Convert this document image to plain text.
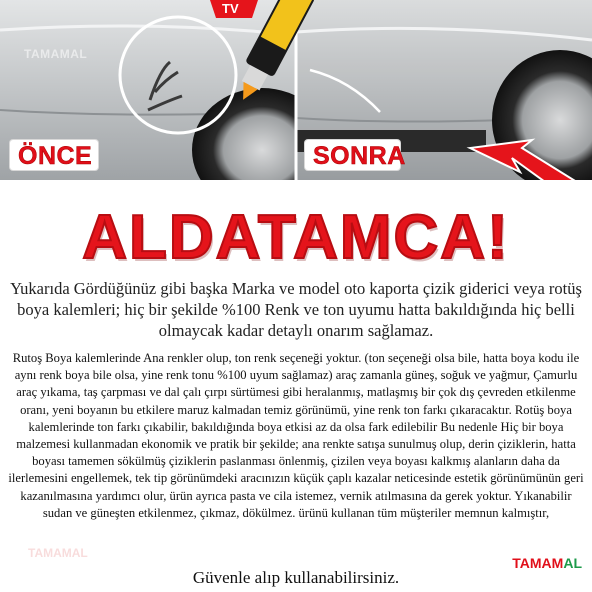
TAMAMAL
TV
ÖNCE	SONRA
ALDATAMCA!
Yukarıda Gördüğünüz gibi başka Marka ve model oto kaporta çizik giderici veya rotüş boya kalemleri; hiç bir şekilde %100 Renk ve ton uyumu hatta bakıldığında hiç belli olmaycak kadar detaylı onarım sağlamaz.
Rutoş Boya kalemlerinde Ana renkler olup, ton renk seçeneği yoktur. (ton seçeneği olsa bile, hatta boya kodu ile aynı renk boya bile olsa, yine renk tonu %100 uyum sağlamaz) araç zamanla güneş, soğuk ve yağmur, Çamurlu araç yıkama, taş çarpması ve dal çalı çırpı sürtümesi gibi heralanmış, matlaşmış bir çok dış çevreden etkilenme oranı, yeni boyanın bu etkilere maruz kalmadan temiz görünümü, yine renk ton farkı çıkaracaktır. Rotüş boya kalemlerinde ton farkı çıkabilir, bakıldığında boya etkisi az da olsa fark edilebilir Bu nedenle Hiç bir boya malzemesi kullanmadan ekonomik ve pratik bir şekilde; ana renkte satışa sunulmuş olup, derin çiziklerin, hatta boyası tamemen sökülmüş çiziklerin paslanması önlenmiş, çizilen veya boyası kalkmış alanların daha da ilerlemesini engellemek, tek tip görünümdeki aracınızın küçük çaplı kazalar neticesinde estetik görünümünün geri kazanılmasına yardımcı olur, ürün ayrıca pasta ve cila istemez, vernik atılmasına da gerek yoktur. Yıkanabilir sudan ve güneşten etkilenmez, çıkmaz, dökülmez. ürünü kullanan tüm müşteriler memnun kalmıştır,
TAMAMAL
TAMAMAL
Güvenle alıp kullanabilirsiniz.
